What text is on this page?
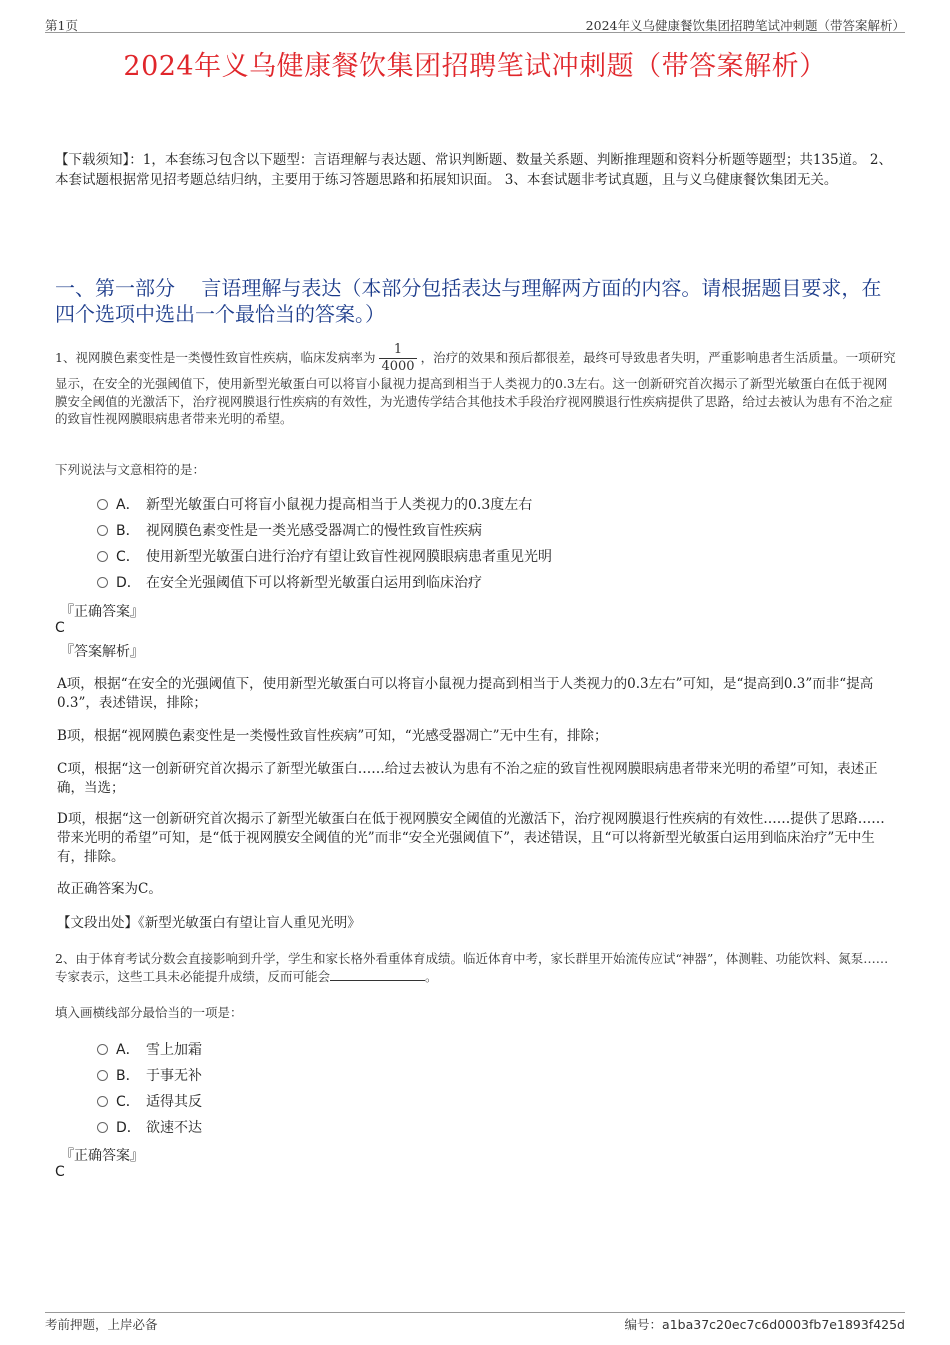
第1页	2024年义乌健康餐饮集团招聘笔试冲刺题（带答案解析）
2024年义乌健康餐饮集团招聘笔试冲刺题（带答案解析）
【下载须知】：1，本套练习包含以下题型：言语理解与表达题、常识判断题、数量关系题、判断推理题和资料分析题等题型；共135道。 2、本套试题根据常见招考题总结归纳，主要用于练习答题思路和拓展知识面。 3、本套试题非考试真题，且与义乌健康餐饮集团无关。
一、第一部分　 言语理解与表达（本部分包括表达与理解两方面的内容。请根据题目要求，在四个选项中选出一个最恰当的答案。）
1、视网膜色素变性是一类慢性致盲性疾病，临床发病率为 $\frac{1}{4000}$ ，治疗的效果和预后都很差，最终可导致患者失明，严重影响患者生活质量。一项研究显示，在安全的光强阈值下，使用新型光敏蛋白可以将盲小鼠视力提高到相当于人类视力的0.3左右。这一创新研究首次揭示了新型光敏蛋白在低于视网膜安全阈值的光激活下，治疗视网膜退行性疾病的有效性，为光遗传学结合其他技术手段治疗视网膜退行性疾病提供了思路，给过去被认为患有不治之症的致盲性视网膜眼病患者带来光明的希望。
下列说法与文意相符的是：
A． 新型光敏蛋白可将盲小鼠视力提高相当于人类视力的0.3度左右
B． 视网膜色素变性是一类光感受器凋亡的慢性致盲性疾病
C． 使用新型光敏蛋白进行治疗有望让致盲性视网膜眼病患者重见光明
D． 在安全光强阈值下可以将新型光敏蛋白运用到临床治疗
『正确答案』
C
『答案解析』
A项，根据“在安全的光强阈值下，使用新型光敏蛋白可以将盲小鼠视力提高到相当于人类视力的0.3左右”可知，是“提高到0.3”而非“提高0.3”，表述错误，排除；
B项，根据“视网膜色素变性是一类慢性致盲性疾病”可知，“光感受器凋亡”无中生有，排除；
C项，根据“这一创新研究首次揭示了新型光敏蛋白……给过去被认为患有不治之症的致盲性视网膜眼病患者带来光明的希望”可知，表述正确，当选；
D项，根据“这一创新研究首次揭示了新型光敏蛋白在低于视网膜安全阈值的光激活下，治疗视网膜退行性疾病的有效性……提供了思路……带来光明的希望”可知，是“低于视网膜安全阈值的光”而非“安全光强阈值下”，表述错误，且“可以将新型光敏蛋白运用到临床治疗”无中生有，排除。
故正确答案为C。
【文段出处】《新型光敏蛋白有望让盲人重见光明》
2、由于体育考试分数会直接影响到升学，学生和家长格外看重体育成绩。临近体育中考，家长群里开始流传应试“神器”，体测鞋、功能饮料、氮泵……专家表示，这些工具未必能提升成绩，反而可能会	。
填入画横线部分最恰当的一项是：
A． 雪上加霜
B． 于事无补
C． 适得其反
D． 欲速不达
『正确答案』
C
考前押题，上岸必备	编号：a1ba37c20ec7c6d0003fb7e1893f425d
